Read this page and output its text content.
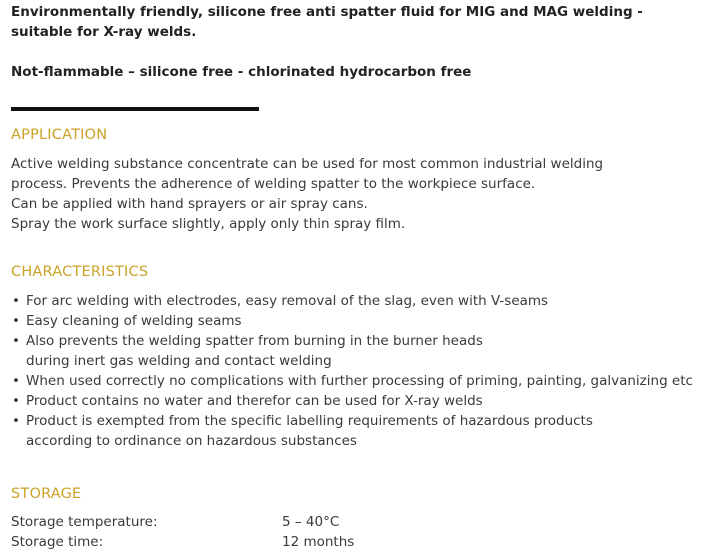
Environmentally friendly, silicone free anti spatter fluid for MIG and MAG welding -
suitable for X-ray welds.
Not-flammable – silicone free - chlorinated hydrocarbon free
APPLICATION
Active welding substance concentrate can be used for most common industrial welding
process. Prevents the adherence of welding spatter to the workpiece surface.
Can be applied with hand sprayers or air spray cans.
Spray the work surface slightly, apply only thin spray film.
CHARACTERISTICS
• For arc welding with electrodes, easy removal of the slag, even with V-seams
• Easy cleaning of welding seams
• Also prevents the welding spatter from burning in the burner heads
during inert gas welding and contact welding
• When used correctly no complications with further processing of priming, painting, galvanizing etc
• Product contains no water and therefor can be used for X-ray welds
• Product is exempted from the specific labelling requirements of hazardous products
according to ordinance on hazardous substances
STORAGE
Storage temperature:	5 – 40°C
Storage time:	12 months
